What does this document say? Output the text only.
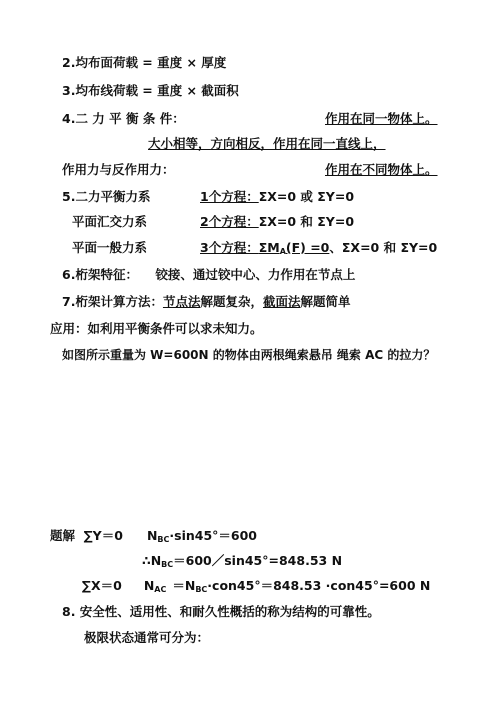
2.均布面荷载 = 重度 × 厚度
3.均布线荷载 = 重度 × 截面积
4.二 力 平 衡 条 件：	作用在同一物体上。
大小相等，方向相反，作用在同一直线上，
作用力与反作用力：	作用在不同物体上。
5.二力平衡力系	1个方程：ΣX=0 或 ΣY=0
平面汇交力系	2个方程：ΣX=0 和 ΣY=0
平面一般力系	3个方程：$\Sigma M_A(F) =0$、ΣX=0 和 ΣY=0
6.桁架特征：    铰接、通过铰中心、力作用在节点上
7.桁架计算方法：节点法解题复杂，截面法解题简单
应用：如利用平衡条件可以求未知力。
如图所示重量为 W=600N 的物体由两根绳索悬吊 绳索 AC 的拉力？
题解  ∑Y＝0 $N_{BC}\cdot\sin 45^\circ=600$
$\therefore N_{BC}=600/\sin 45^\circ=848.53$ N
∑X＝0 $N_{AC} =N_{BC}\cdot con45^\circ=848.53 \cdot con45^\circ=600$ N
8. 安全性、适用性、和耐久性概括的称为结构的可靠性。
极限状态通常可分为：
